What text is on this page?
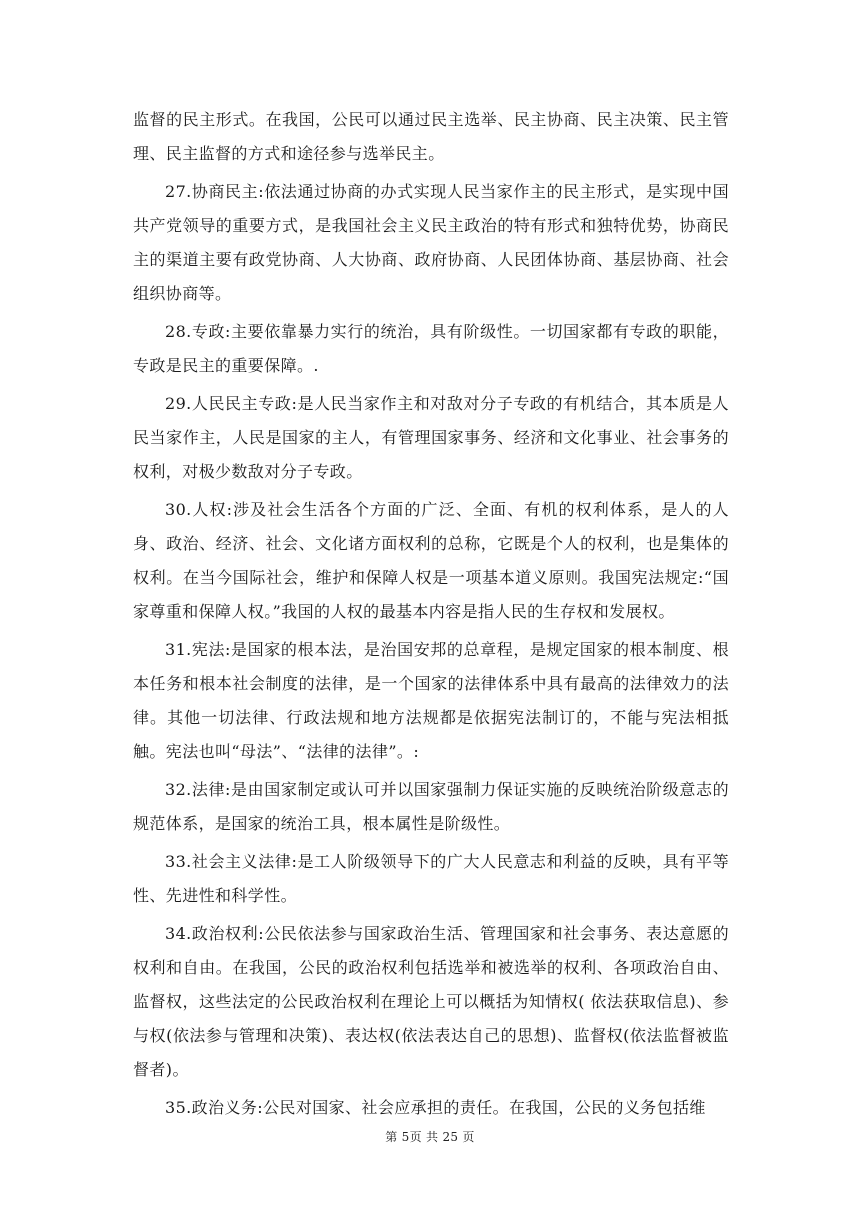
监督的民主形式。在我国，公民可以通过民主选举、民主协商、民主决策、民主管理、民主监督的方式和途径参与选举民主。

27.协商民主:依法通过协商的办式实现人民当家作主的民主形式，是实现中国共产党领导的重要方式，是我国社会主义民主政治的特有形式和独特优势，协商民主的渠道主要有政党协商、人大协商、政府协商、人民团体协商、基层协商、社会组织协商等。

28.专政:主要依靠暴力实行的统治，具有阶级性。一切国家都有专政的职能，专政是民主的重要保障。.

29.人民民主专政:是人民当家作主和对敌对分子专政的有机结合，其本质是人民当家作主，人民是国家的主人，有管理国家事务、经济和文化事业、社会事务的权利，对极少数敌对分子专政。

30.人权:涉及社会生活各个方面的广泛、全面、有机的权利体系，是人的人身、政治、经济、社会、文化诸方面权利的总称，它既是个人的权利，也是集体的权利。在当今国际社会，维护和保障人权是一项基本道义原则。我国宪法规定:“国家尊重和保障人权。”我国的人权的最基本内容是指人民的生存权和发展权。

31.宪法:是国家的根本法，是治国安邦的总章程，是规定国家的根本制度、根本任务和根本社会制度的法律，是一个国家的法律体系中具有最高的法律效力的法律。其他一切法律、行政法规和地方法规都是依据宪法制订的，不能与宪法相抵触。宪法也叫“母法”、“法律的法律”。:

32.法律:是由国家制定或认可并以国家强制力保证实施的反映统治阶级意志的规范体系，是国家的统治工具，根本属性是阶级性。

33.社会主义法律:是工人阶级领导下的广大人民意志和利益的反映，具有平等性、先进性和科学性。

34.政治权利:公民依法参与国家政治生活、管理国家和社会事务、表达意愿的权利和自由。在我国，公民的政治权利包括选举和被选举的权利、各项政治自由、监督权，这些法定的公民政治权利在理论上可以概括为知情权( 依法获取信息)、参与权(依法参与管理和决策)、表达权(依法表达自己的思想)、监督权(依法监督被监督者)。

35.政治义务:公民对国家、社会应承担的责任。在我国，公民的义务包括维

第 5页 共 25 页
